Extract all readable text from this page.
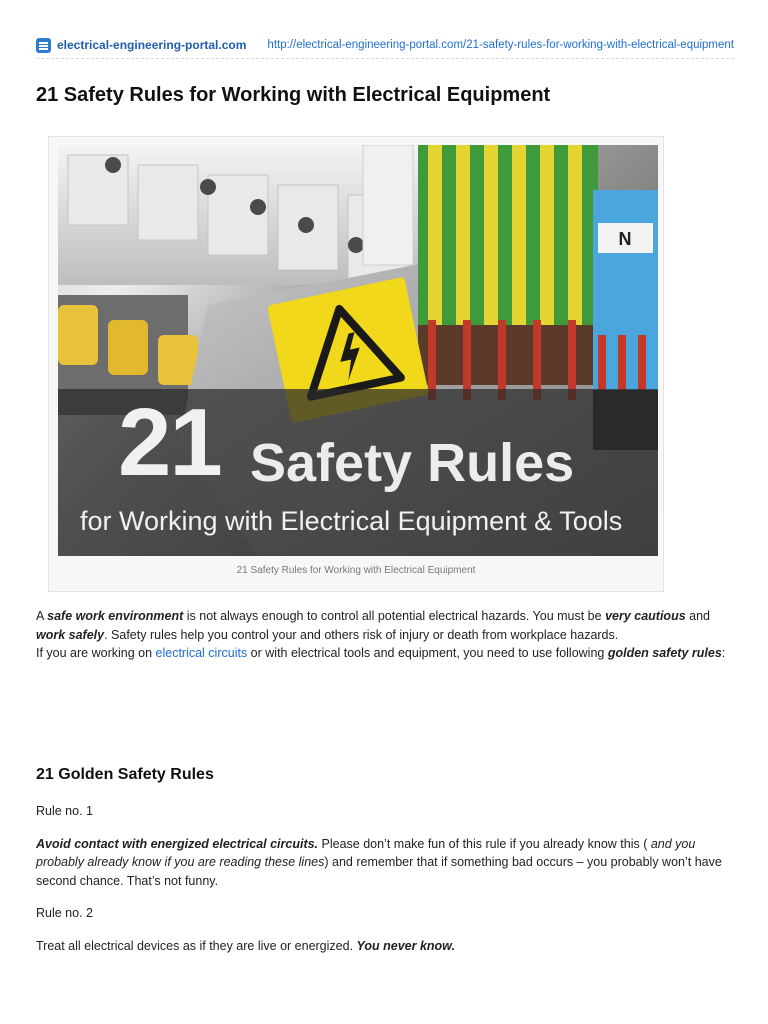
electrical-engineering-portal.com http://electrical-engineering-portal.com/21-safety-rules-for-working-with-electrical-equipment
21 Safety Rules for Working with Electrical Equipment
N
21 Safety Rules
for Working with Electrical Equipment & Tools
21 Safety Rules for Working with Electrical Equipment

A safe work environment is not always enough to control all potential electrical hazards. You must be very cautious and work safely. Safety rules help you control your and others risk of injury or death from workplace hazards.

If you are working on electrical circuits or with electrical tools and equipment, you need to use following golden safety rules:

21 Golden Safety Rules

Rule no. 1

Avoid contact with energized electrical circuits. Please don’t make fun of this rule if you already know this ( and you probably already know if you are reading these lines) and remember that if something bad occurs – you probably won’t have second chance. That’s not funny.

Rule no. 2

Treat all electrical devices as if they are live or energized. You never know.
